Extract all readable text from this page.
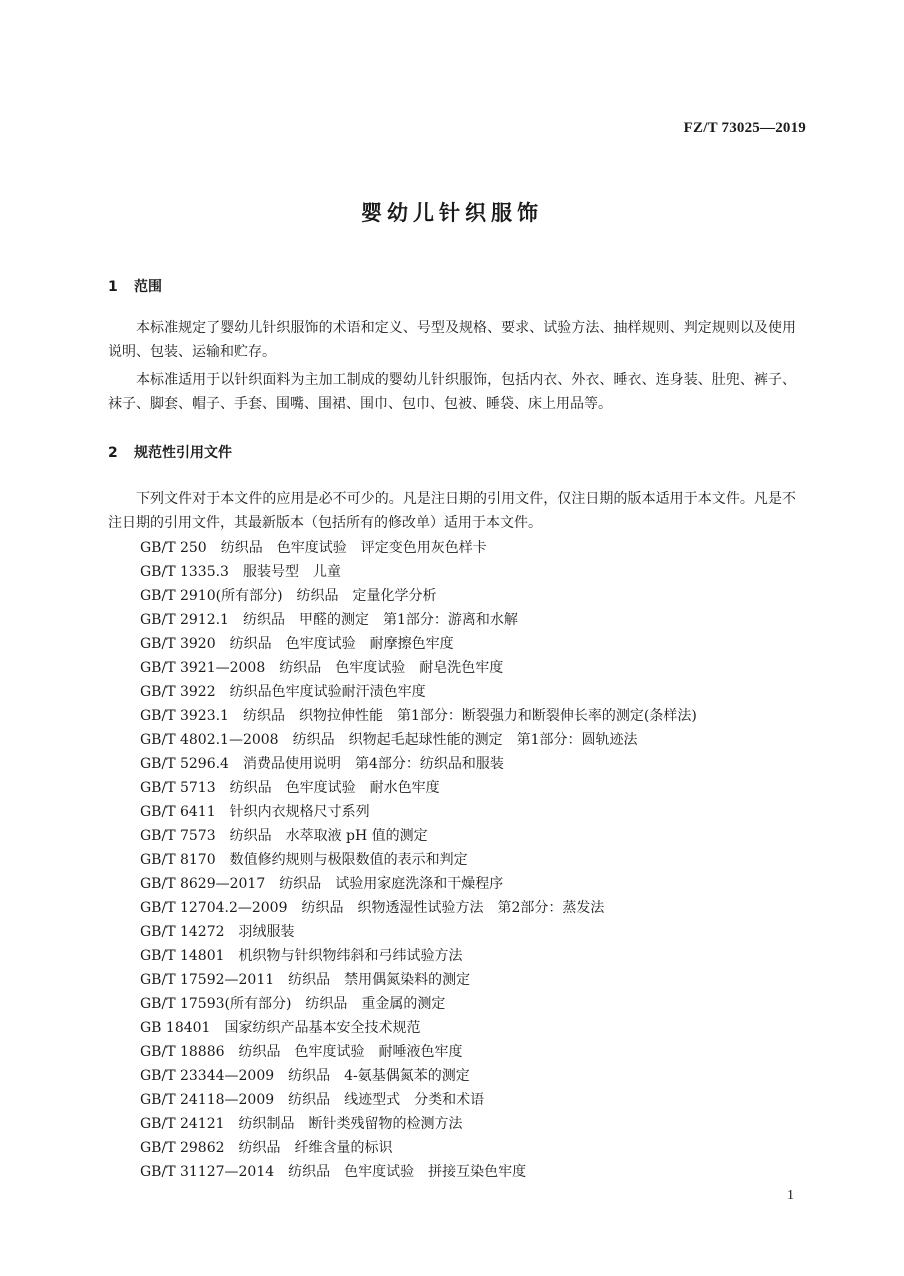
FZ/T 73025—2019
婴幼儿针织服饰
1 范围

本标准规定了婴幼儿针织服饰的术语和定义、号型及规格、要求、试验方法、抽样规则、判定规则以及使用说明、包装、运输和贮存。

本标准适用于以针织面料为主加工制成的婴幼儿针织服饰，包括内衣、外衣、睡衣、连身装、肚兜、裤子、袜子、脚套、帽子、手套、围嘴、围裙、围巾、包巾、包被、睡袋、床上用品等。

2 规范性引用文件

下列文件对于本文件的应用是必不可少的。凡是注日期的引用文件，仅注日期的版本适用于本文件。凡是不注日期的引用文件，其最新版本（包括所有的修改单）适用于本文件。

GB/T 250　纺织品　色牢度试验　评定变色用灰色样卡
GB/T 1335.3　服装号型　儿童
GB/T 2910(所有部分)　纺织品　定量化学分析
GB/T 2912.1　纺织品　甲醛的测定　第1部分：游离和水解
GB/T 3920　纺织品　色牢度试验　耐摩擦色牢度
GB/T 3921—2008　纺织品　色牢度试验　耐皂洗色牢度
GB/T 3922　纺织品色牢度试验耐汗渍色牢度
GB/T 3923.1　纺织品　织物拉伸性能　第1部分：断裂强力和断裂伸长率的测定(条样法)
GB/T 4802.1—2008　纺织品　织物起毛起球性能的测定　第1部分：圆轨迹法
GB/T 5296.4　消费品使用说明　第4部分：纺织品和服装
GB/T 5713　纺织品　色牢度试验　耐水色牢度
GB/T 6411　针织内衣规格尺寸系列
GB/T 7573　纺织品　水萃取液 pH 值的测定
GB/T 8170　数值修约规则与极限数值的表示和判定
GB/T 8629—2017　纺织品　试验用家庭洗涤和干燥程序
GB/T 12704.2—2009　纺织品　织物透湿性试验方法　第2部分：蒸发法
GB/T 14272　羽绒服装
GB/T 14801　机织物与针织物纬斜和弓纬试验方法
GB/T 17592—2011　纺织品　禁用偶氮染料的测定
GB/T 17593(所有部分)　纺织品　重金属的测定
GB 18401　国家纺织产品基本安全技术规范
GB/T 18886　纺织品　色牢度试验　耐唾液色牢度
GB/T 23344—2009　纺织品　4-氨基偶氮苯的测定
GB/T 24118—2009　纺织品　线迹型式　分类和术语
GB/T 24121　纺织制品　断针类残留物的检测方法
GB/T 29862　纺织品　纤维含量的标识
GB/T 31127—2014　纺织品　色牢度试验　拼接互染色牢度
1
